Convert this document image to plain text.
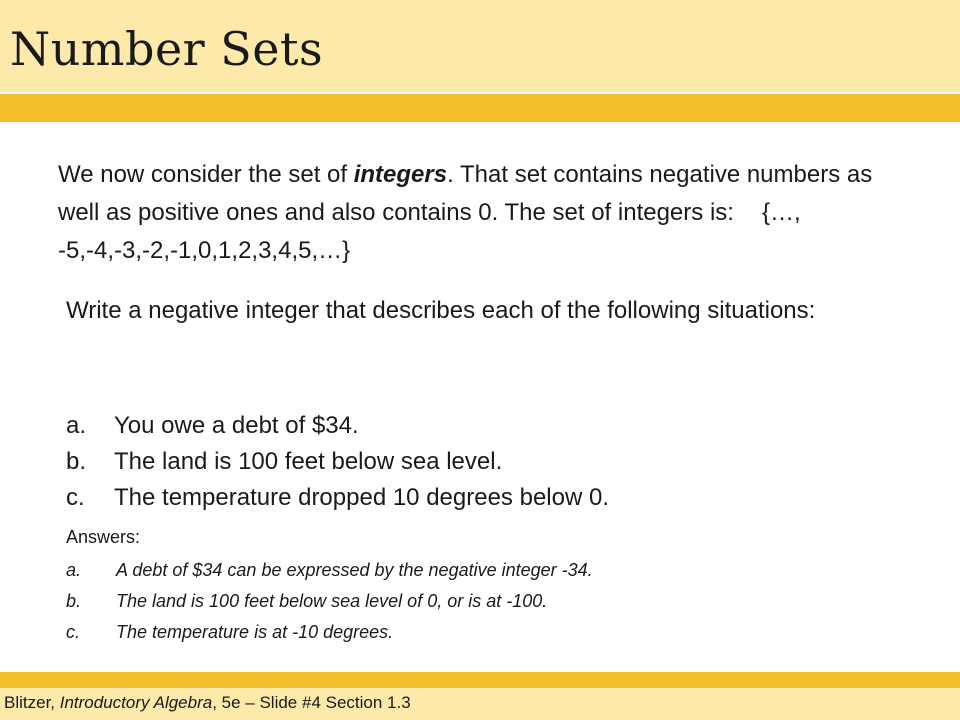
Number Sets

We now consider the set of integers. That set contains negative numbers as well as positive ones and also contains 0. The set of integers is: {…, -5,-4,-3,-2,-1,0,1,2,3,4,5,…}

Write a negative integer that describes each of the following situations:

a.	You owe a debt of $34.
b.	The land is 100 feet below sea level.
c.	The temperature dropped 10 degrees below 0.

Answers:

a.	A debt of $34 can be expressed by the negative integer -34.
b.	The land is 100 feet below sea level of 0, or is at -100.
c.	The temperature is at -10 degrees.
Blitzer, Introductory Algebra, 5e – Slide #4 Section 1.3
